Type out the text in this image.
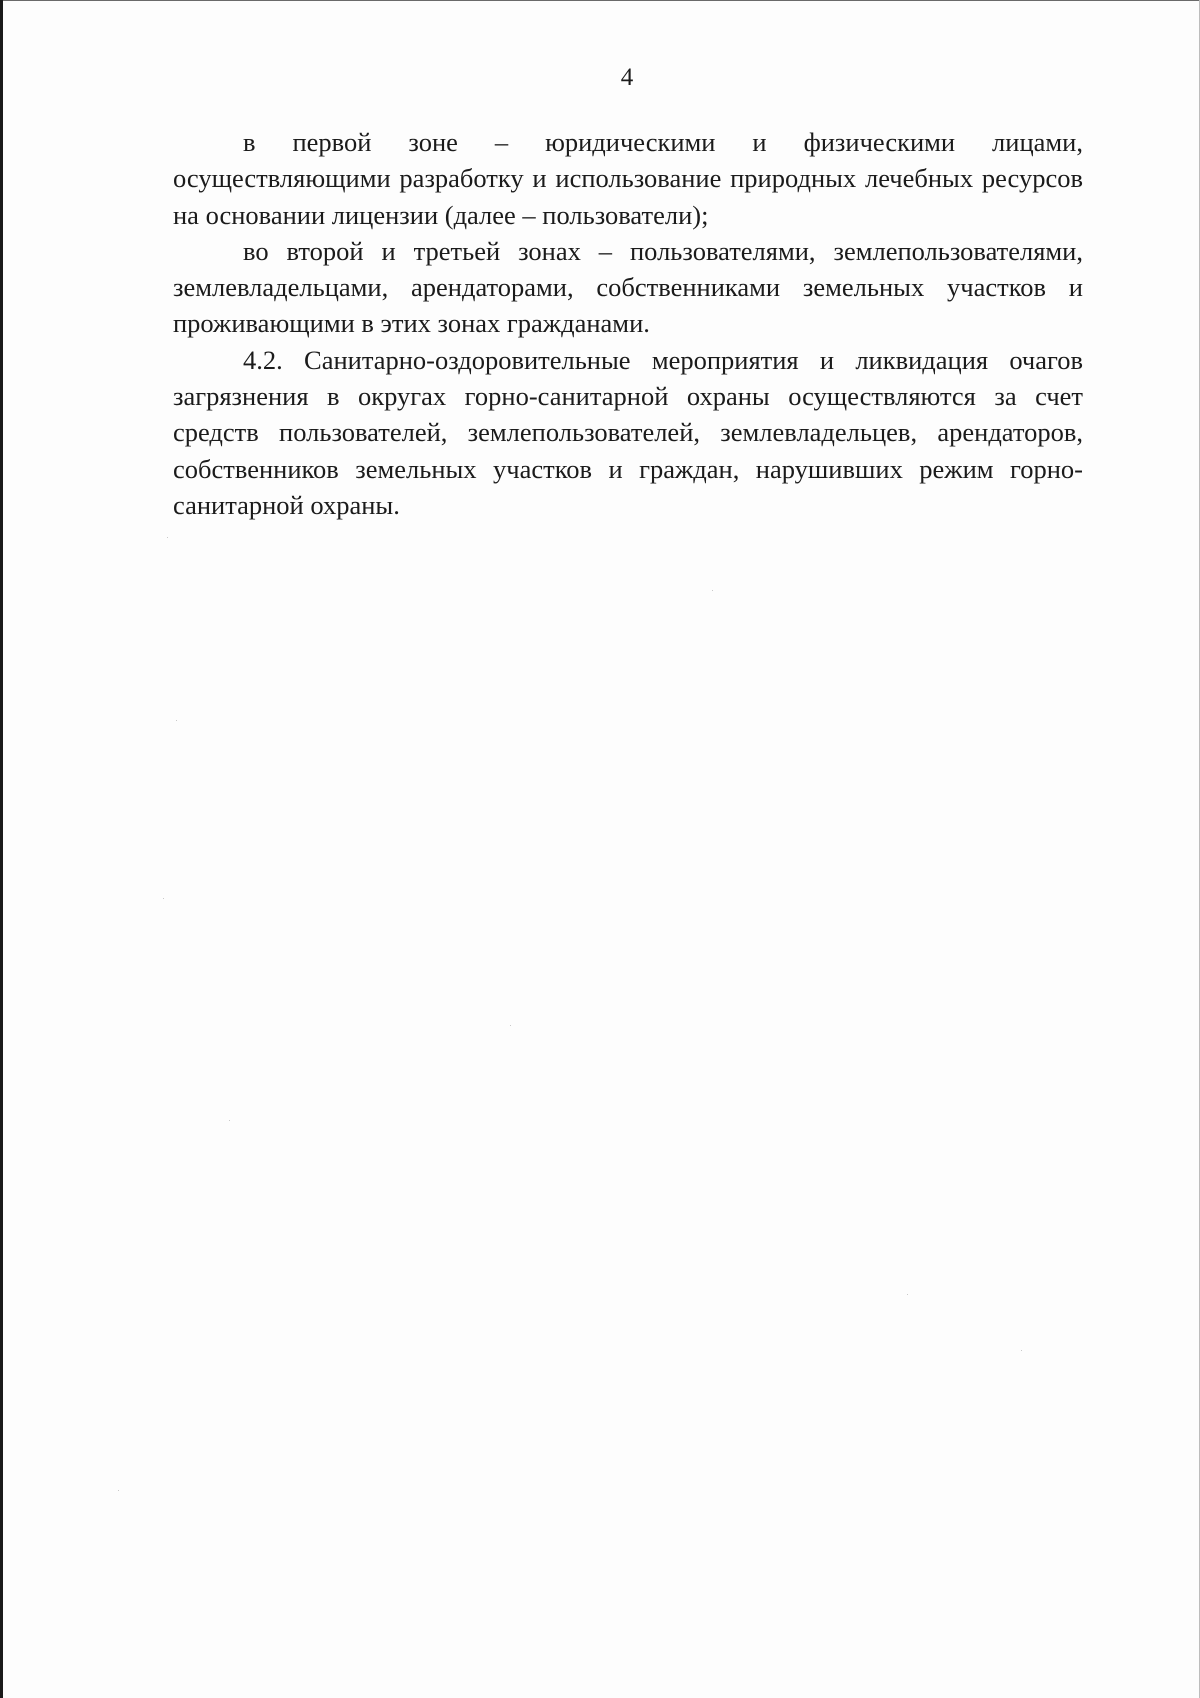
4

в первой зоне – юридическими и физическими лицами, осуществляющими разработку и использование природных лечебных ресурсов на основании лицензии (далее – пользователи);

во второй и третьей зонах – пользователями, землепользователями, землевладельцами, арендаторами, собственниками земельных участков и проживающими в этих зонах гражданами.

4.2. Санитарно-оздоровительные мероприятия и ликвидация очагов загрязнения в округах горно-санитарной охраны осуществляются за счет средств пользователей, землепользователей, землевладельцев, арендаторов, собственников земельных участков и граждан, нарушивших режим горно-санитарной охраны.
